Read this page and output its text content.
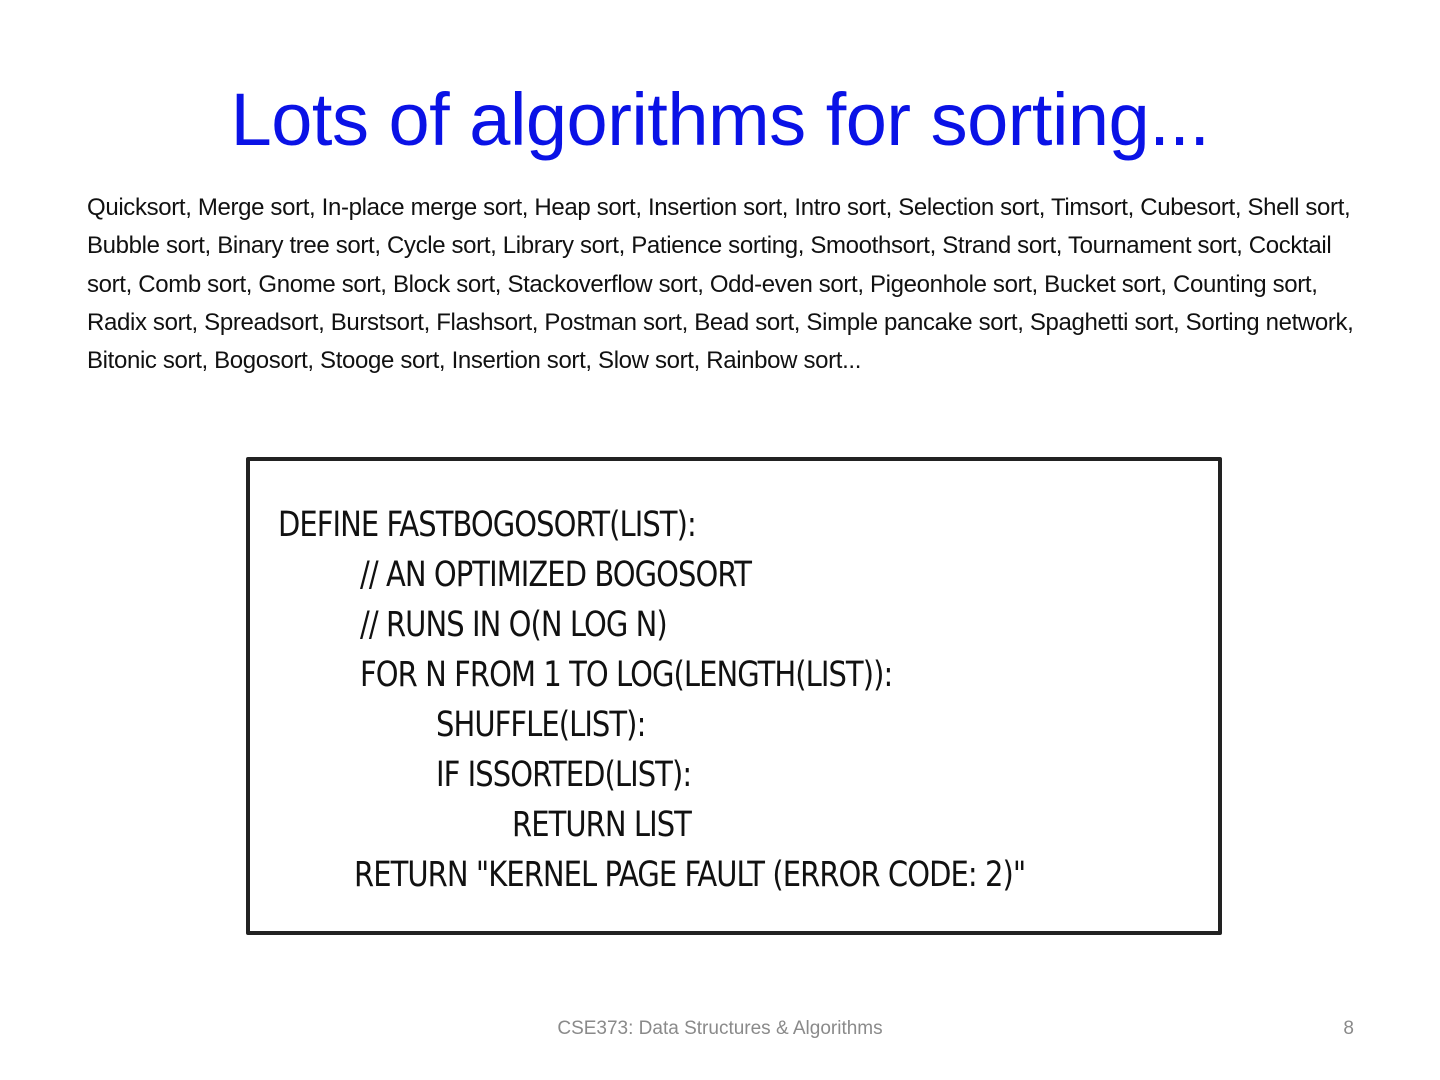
Lots of algorithms for sorting...
Quicksort, Merge sort, In-place merge sort, Heap sort, Insertion sort, Intro sort, Selection sort, Timsort, Cubesort, Shell sort, Bubble sort, Binary tree sort, Cycle sort, Library sort, Patience sorting, Smoothsort, Strand sort, Tournament sort, Cocktail sort, Comb sort, Gnome sort, Block sort, Stackoverflow sort, Odd-even sort, Pigeonhole sort, Bucket sort, Counting sort, Radix sort, Spreadsort, Burstsort, Flashsort, Postman sort, Bead sort, Simple pancake sort, Spaghetti sort, Sorting network, Bitonic sort, Bogosort, Stooge sort, Insertion sort, Slow sort, Rainbow sort...
DEFINE FASTBOGOSORT(LIST):
// AN OPTIMIZED BOGOSORT
// RUNS IN O(N LOG N)
FOR N FROM 1 TO LOG(LENGTH(LIST)):
SHUFFLE(LIST):
IF ISSORTED(LIST):
RETURN LIST
RETURN "KERNEL PAGE FAULT (ERROR CODE: 2)"
CSE373: Data Structures & Algorithms	8
